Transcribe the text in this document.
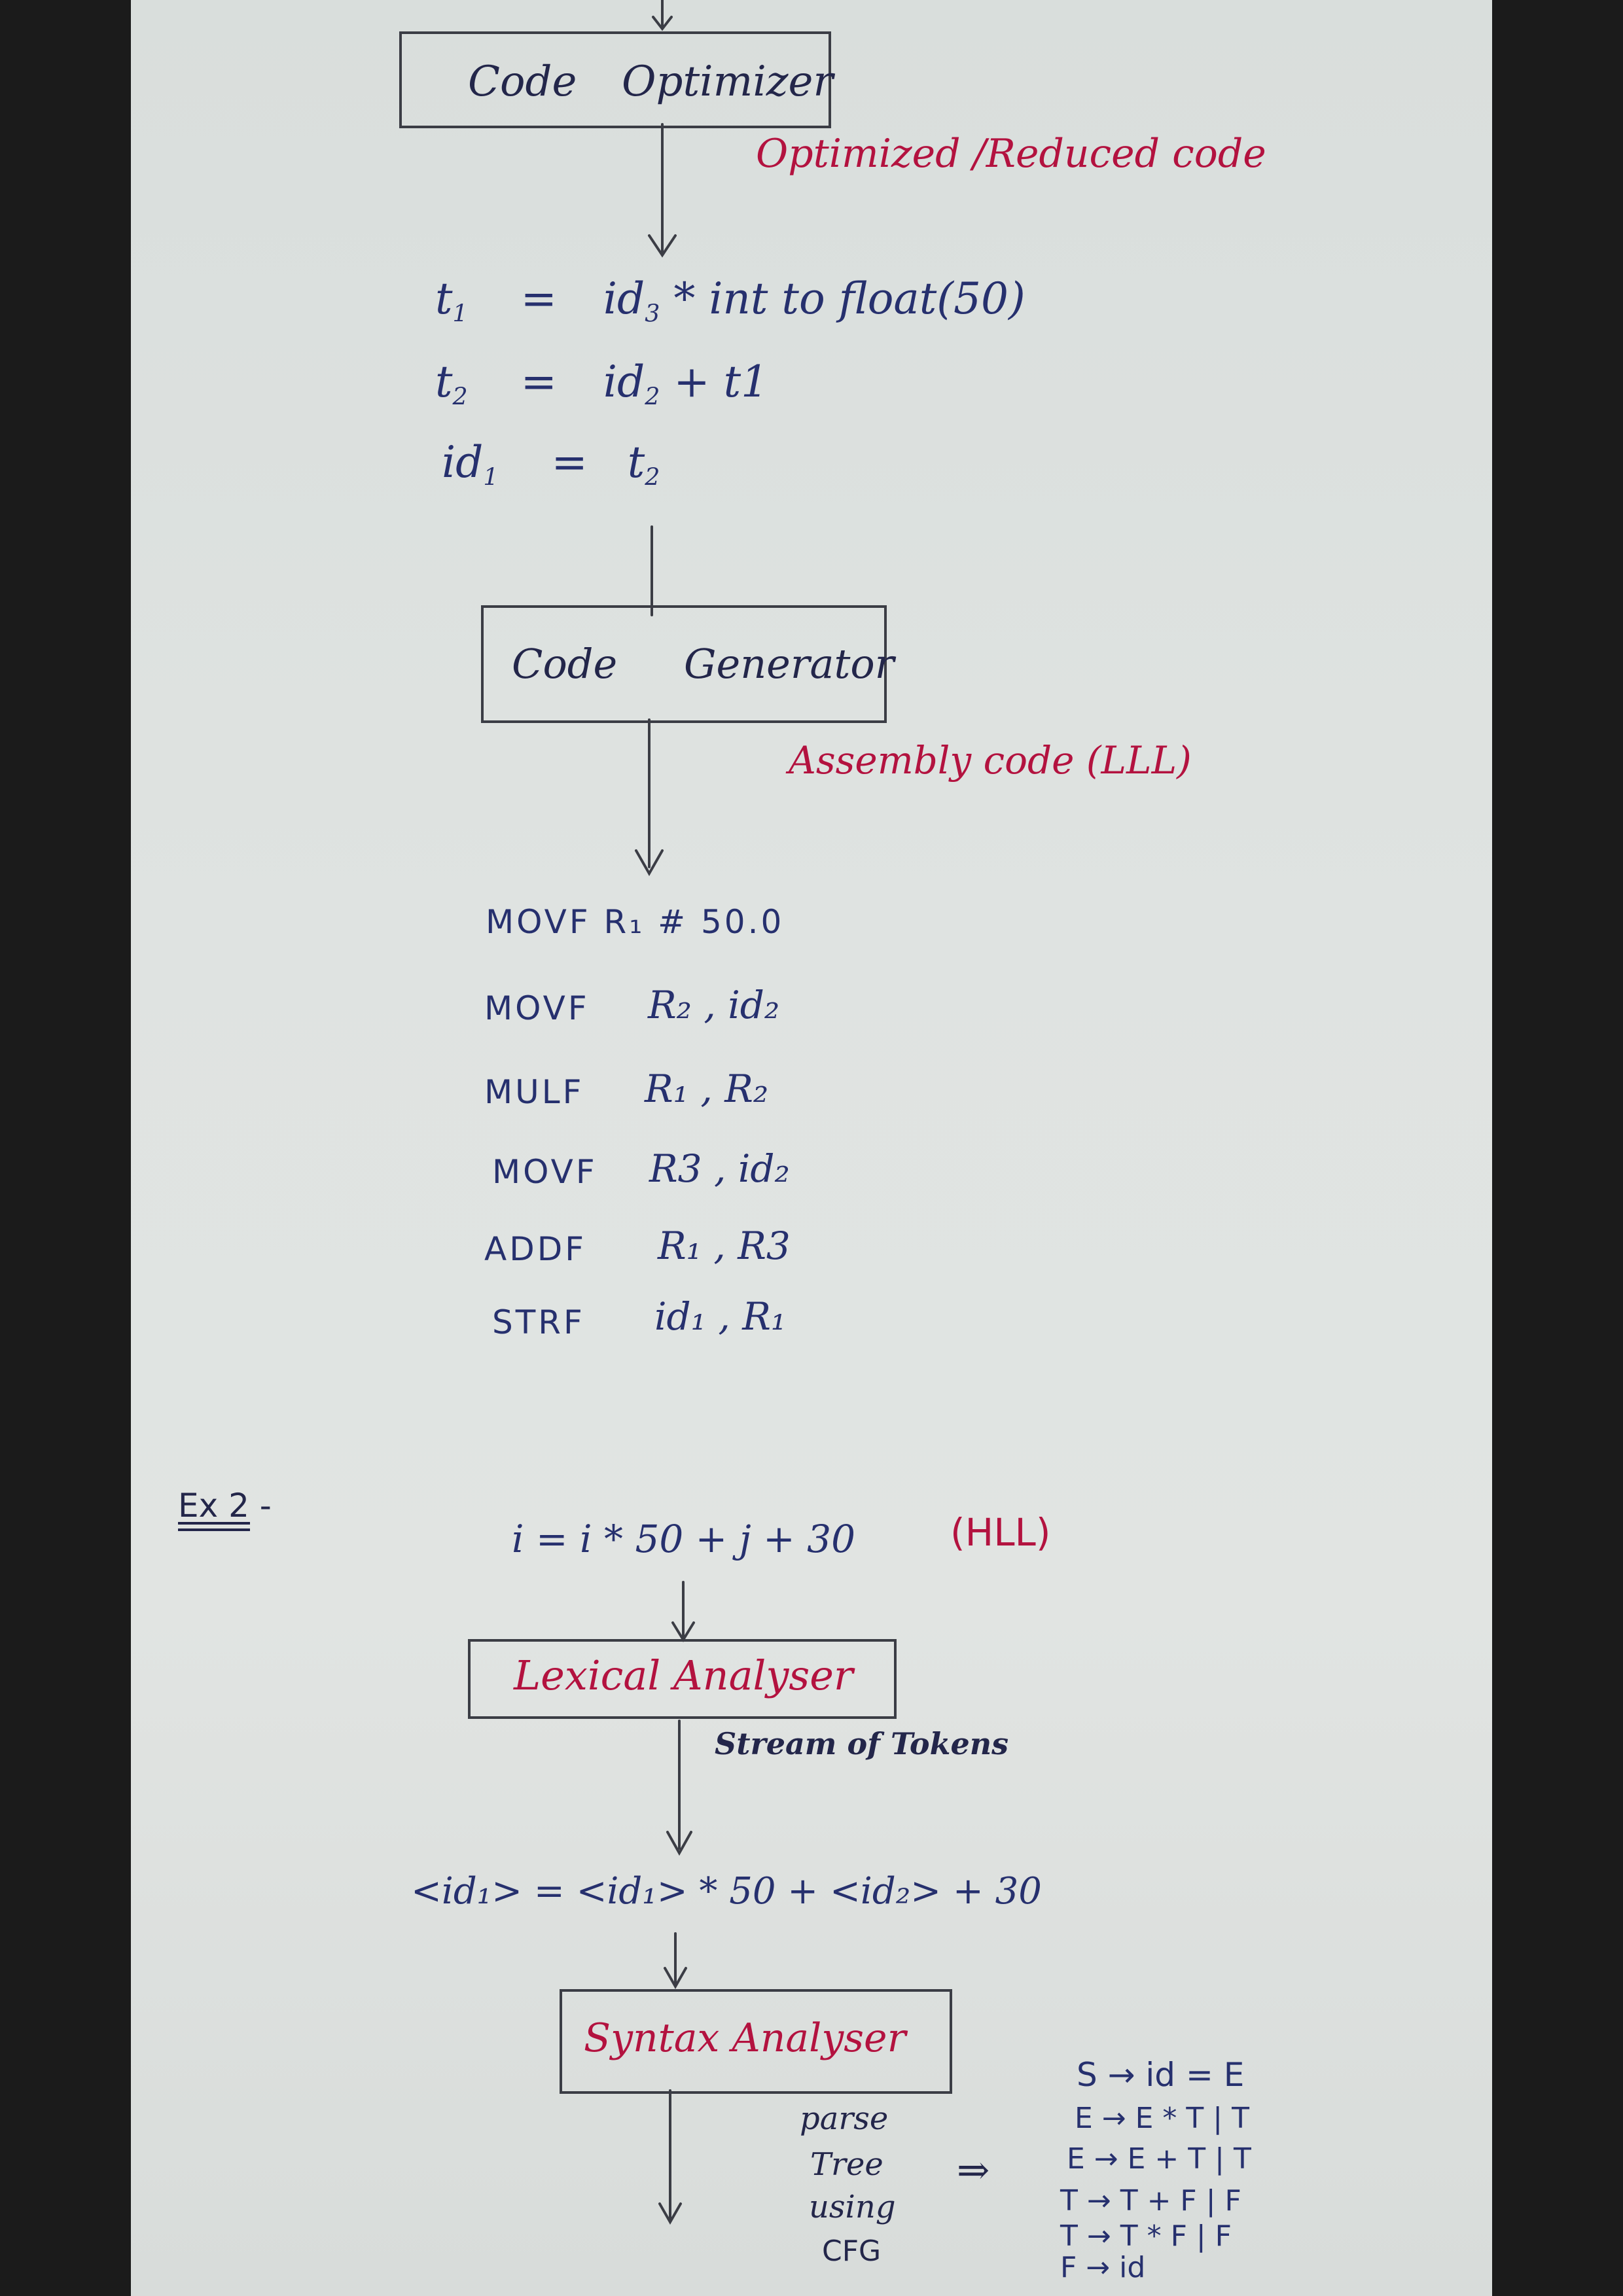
Code Optimizer
Optimized /Reduced code
$t_1 = id_3$ * int to float(50)
$t_2 = id_2 + t1$
$id_1 = t_2$
Code Generator
Assembly code (LLL)
MOVF R₁ # 50.0
MOVF R₂ , id₂
MULF R₁ , R₂
MOVF R3 , id₂
ADDF R₁ , R3
STRF id₁ , R₁
Ex 2 -
i = i * 50 + j + 30	(HLL)
Lexical Analyser
Stream of Tokens
<id₁> = <id₁> * 50 + <id₂> + 30
Syntax Analyser
parse
Tree
using
CFG
⇒
S → id = E
E → E * T | T
E → E + T | T
T → T + F | F
T → T * F | F
F → id
